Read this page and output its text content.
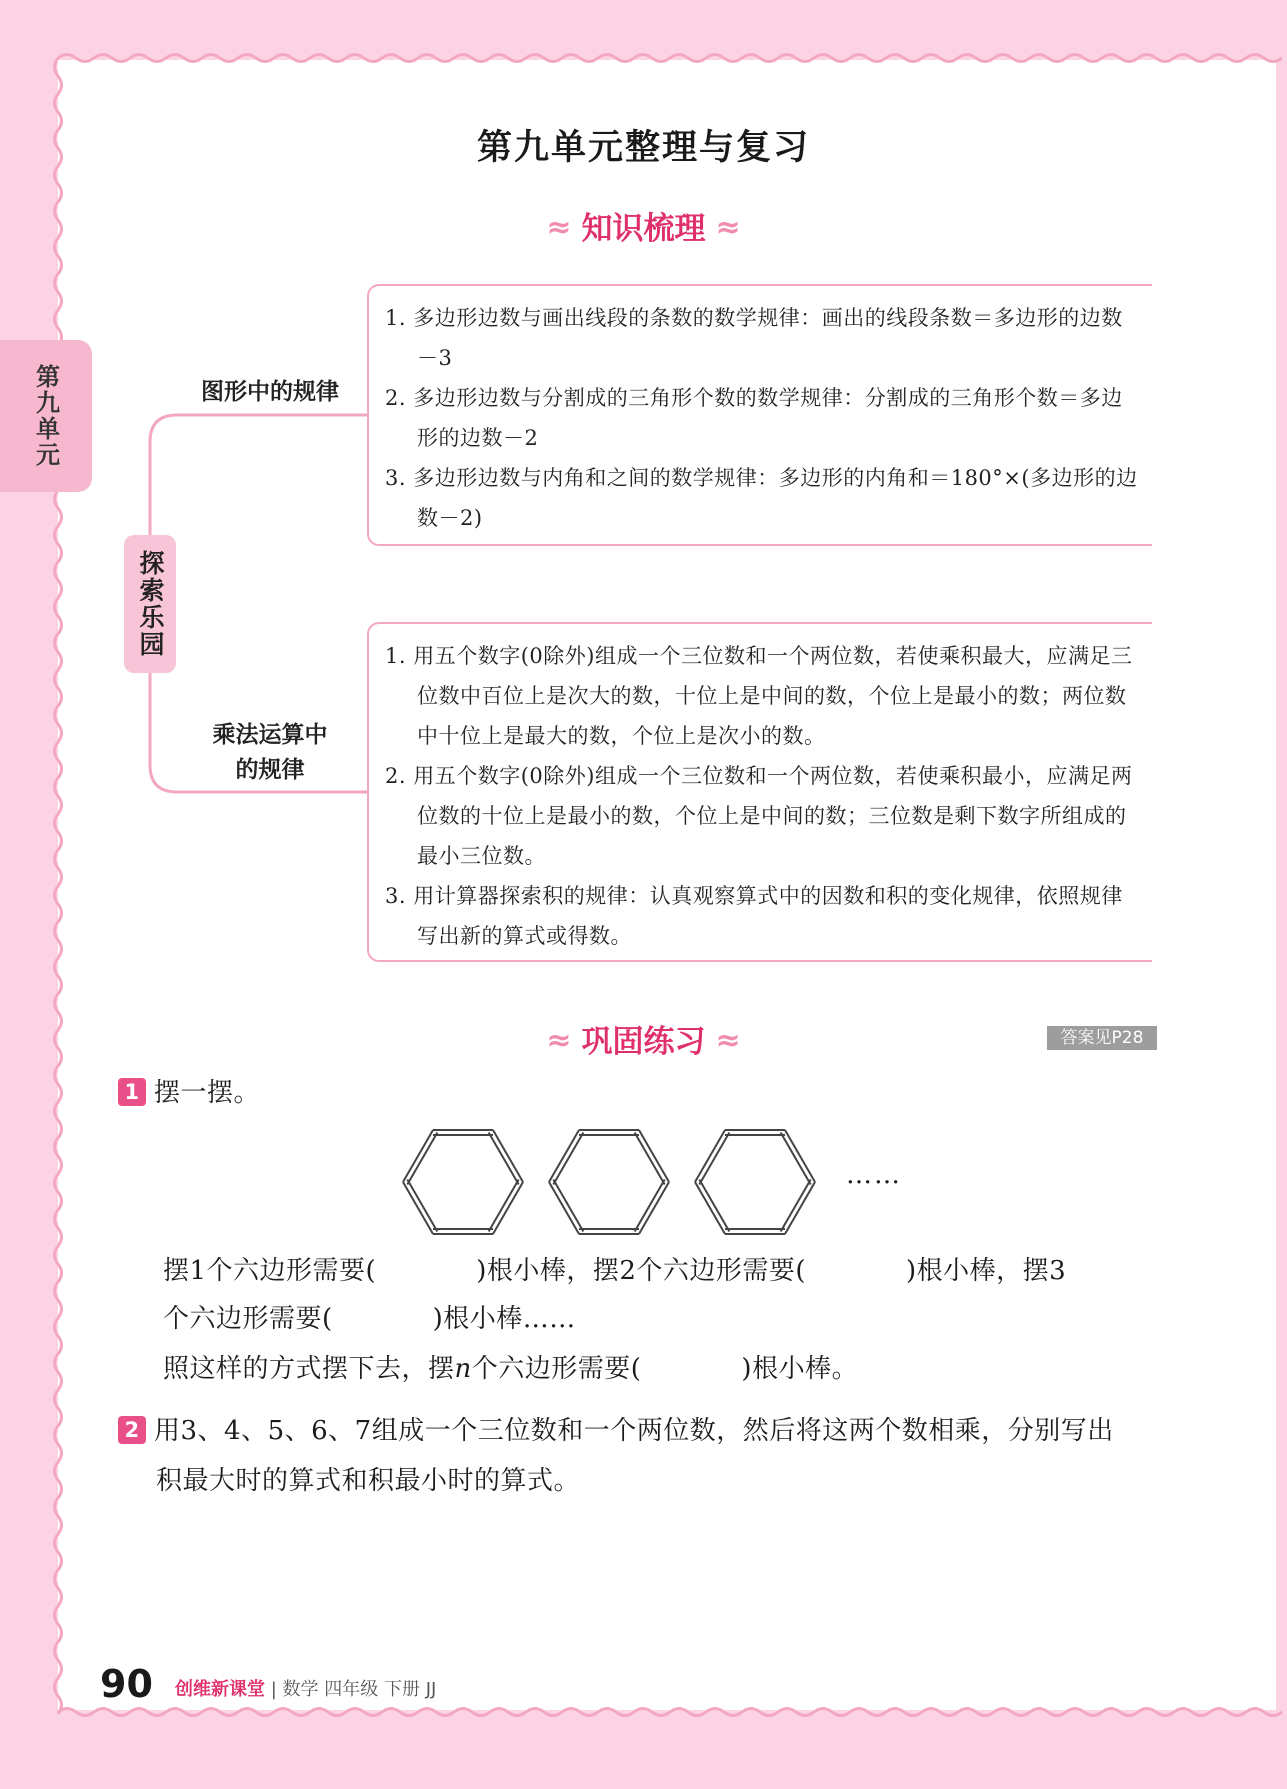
第九单元
第九单元整理与复习
≈ 知识梳理 ≈
探索乐园
图形中的规律
乘法运算中
的规律
1. 多边形边数与画出线段的条数的数学规律：画出的线段条数＝多边形的边数－3
2. 多边形边数与分割成的三角形个数的数学规律：分割成的三角形个数＝多边形的边数－2
3. 多边形边数与内角和之间的数学规律：多边形的内角和＝180°×(多边形的边数－2)
1. 用五个数字(0除外)组成一个三位数和一个两位数，若使乘积最大，应满足三位数中百位上是次大的数，十位上是中间的数，个位上是最小的数；两位数中十位上是最大的数，个位上是次小的数。
2. 用五个数字(0除外)组成一个三位数和一个两位数，若使乘积最小，应满足两位数的十位上是最小的数，个位上是中间的数；三位数是剩下数字所组成的最小三位数。
3. 用计算器探索积的规律：认真观察算式中的因数和积的变化规律，依照规律写出新的算式或得数。
≈ 巩固练习 ≈	答案见P28
1 摆一摆。
……
摆1个六边形需要(	)根小棒，摆2个六边形需要(	)根小棒，摆3
个六边形需要(	)根小棒……
照这样的方式摆下去，摆n个六边形需要(	)根小棒。
2 用3、4、5、6、7组成一个三位数和一个两位数，然后将这两个数相乘，分别写出
积最大时的算式和积最小时的算式。
90 创维新课堂 | 数学 四年级 下册 JJ
